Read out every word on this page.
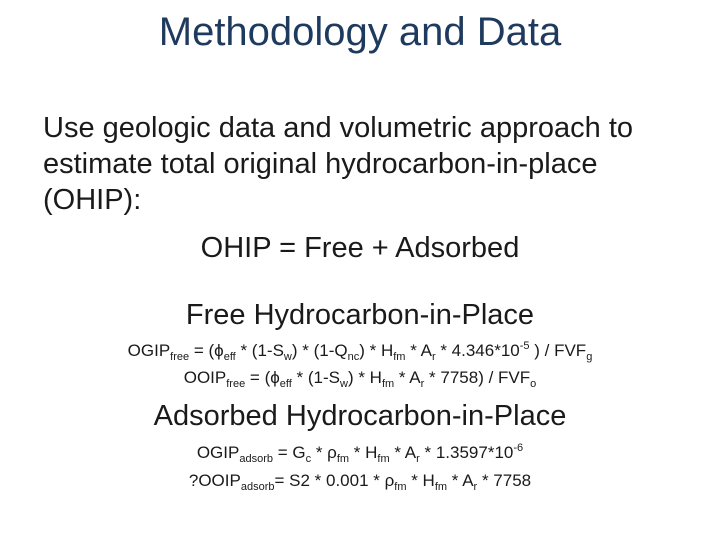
Methodology and Data
Use geologic data and volumetric approach to estimate total original hydrocarbon-in-place (OHIP):
OHIP = Free + Adsorbed
Free Hydrocarbon-in-Place
$OGIP_{free} = (\phi_{eff} * (1-S_w) * (1-Q_{nc}) * H_{fm} * A_r * 4.346*10^{-5}$ ) / $FVF_g$
$OOIP_{free} = (\phi_{eff} * (1-S_w) * H_{fm} * A_r * 7758) / FVF_o$
Adsorbed Hydrocarbon-in-Place
$OGIP_{adsorb} = G_c * \rho_{fm} * H_{fm} * A_r * 1.3597*10^{-6}$
$?OOIP_{adsorb}= S2 * 0.001 * \rho_{fm} * H_{fm} * A_r * 7758$
